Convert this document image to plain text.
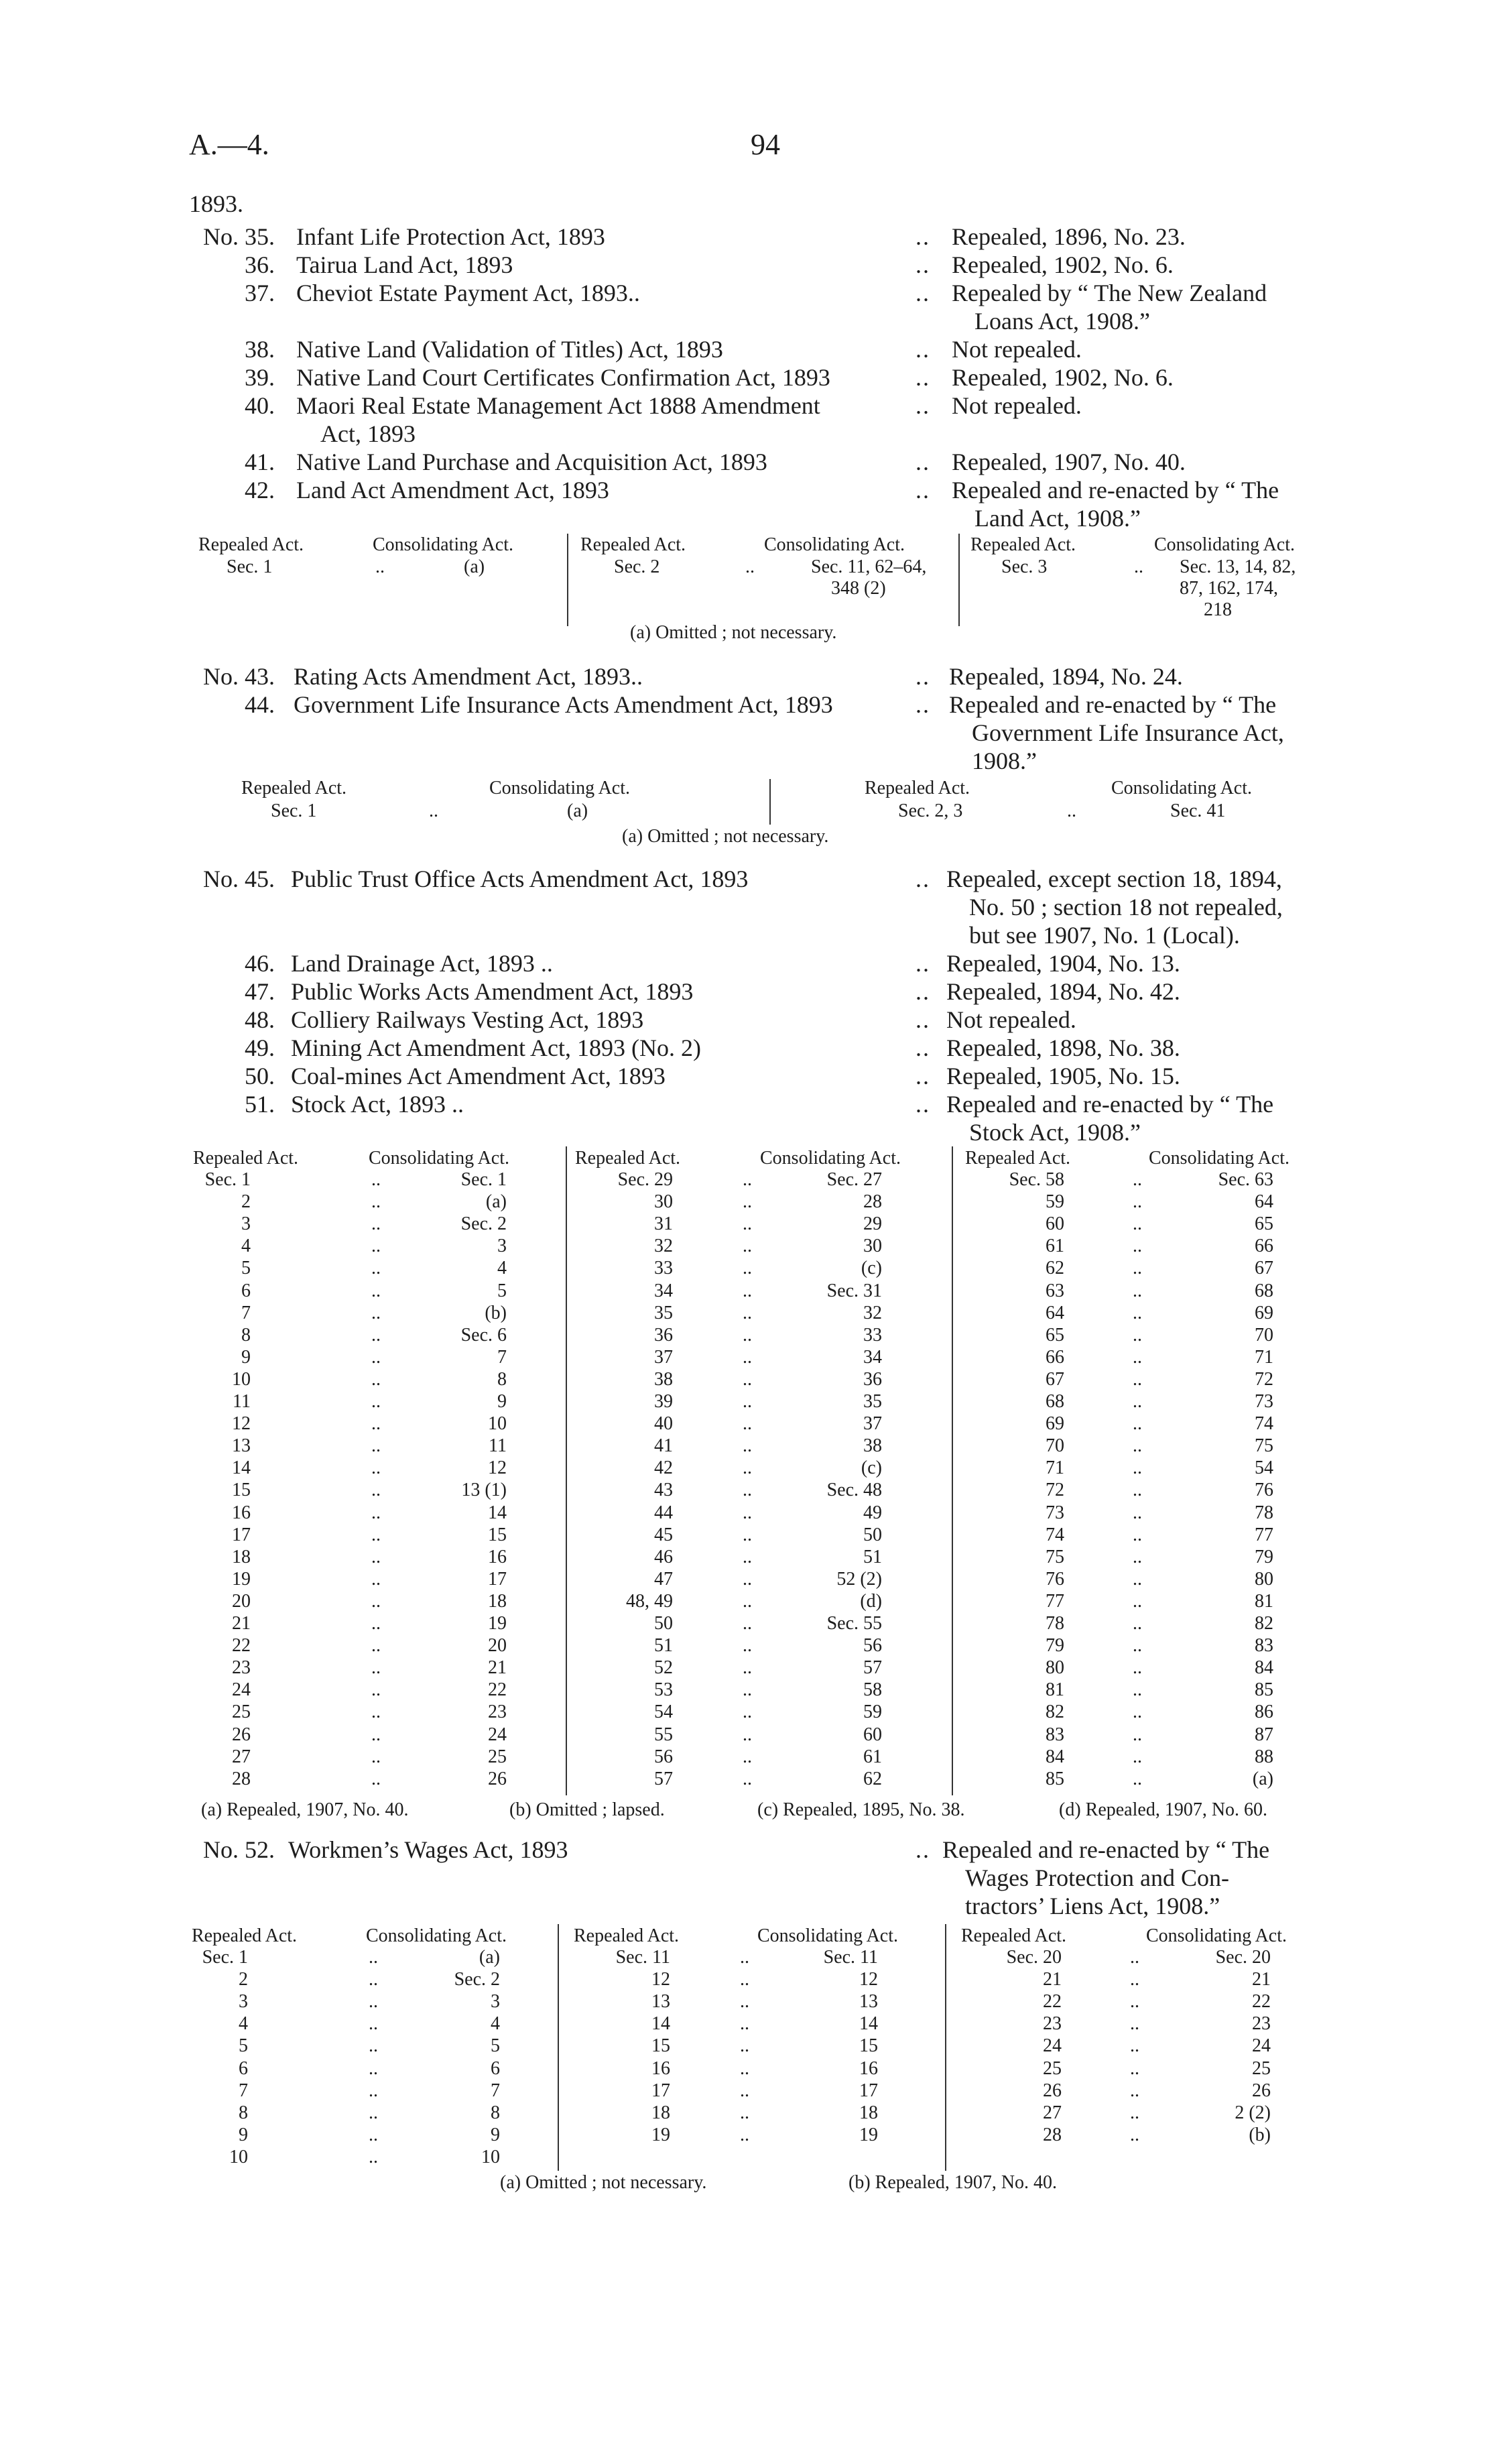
A.—4.	94
1893.
No. 35. Infant Life Protection Act, 1893	.. Repealed, 1896, No. 23.
36. Tairua Land Act, 1893	.. Repealed, 1902, No. 6.
37. Cheviot Estate Payment Act, 1893..	.. Repealed by “ The New Zealand
Loans Act, 1908.”
38. Native Land (Validation of Titles) Act, 1893	.. Not repealed.
39. Native Land Court Certificates Confirmation Act, 1893	.. Repealed, 1902, No. 6.
40. Maori Real Estate Management Act 1888 Amendment
Act, 1893
.. Not repealed.
41. Native Land Purchase and Acquisition Act, 1893	.. Repealed, 1907, No. 40.
42. Land Act Amendment Act, 1893	.. Repealed and re-enacted by “ The
Land Act, 1908.”
Repealed Act.	Consolidating Act.
Sec. 1	..	(a)
Repealed Act.	Consolidating Act.
Sec. 2	..	Sec. 11, 62–64,
348 (2)
Repealed Act.	Consolidating Act.
Sec. 3	.. Sec. 13, 14, 82,
87, 162, 174,
218
(a) Omitted ; not necessary.
No. 43. Rating Acts Amendment Act, 1893..	.. Repealed, 1894, No. 24.
44. Government Life Insurance Acts Amendment Act, 1893	.. Repealed and re-enacted by “ The
Government Life Insurance Act,
1908.”
Repealed Act.	Consolidating Act.
Sec. 1	..	(a)
Repealed Act.	Consolidating Act.
Sec. 2, 3	..	Sec. 41
(a) Omitted ; not necessary.
No. 45. Public Trust Office Acts Amendment Act, 1893	.. Repealed, except section 18, 1894,
No. 50 ; section 18 not repealed,
but see 1907, No. 1 (Local).
46. Land Drainage Act, 1893 ..	.. Repealed, 1904, No. 13.
47. Public Works Acts Amendment Act, 1893	.. Repealed, 1894, No. 42.
48. Colliery Railways Vesting Act, 1893	.. Not repealed.
49. Mining Act Amendment Act, 1893 (No. 2)	.. Repealed, 1898, No. 38.
50. Coal-mines Act Amendment Act, 1893	.. Repealed, 1905, No. 15.
51. Stock Act, 1893 ..	.. Repealed and re-enacted by “ The
Stock Act, 1908.”
Repealed Act.	Consolidating Act.	Repealed Act.	Consolidating Act.	Repealed Act.	Consolidating Act.
(a) Repealed, 1907, No. 40.	(b) Omitted ; lapsed.	(c) Repealed, 1895, No. 38.	(d) Repealed, 1907, No. 60.
Sec. 1	..	Sec. 1
2	..	(a)
3	..	Sec. 2
4	..	3
5	..	4
6	..	5
7	..	(b)
8	..	Sec. 6
9	..	7
10	..	8
11	..	9
12	..	10
13	..	11
14	..	12
15	..	13 (1)
16	..	14
17	..	15
18	..	16
19	..	17
20	..	18
21	..	19
22	..	20
23	..	21
24	..	22
25	..	23
26	..	24
27	..	25
28	..	26
Sec. 29	..	Sec. 27
30	..	28
31	..	29
32	..	30
33	..	(c)
34	..	Sec. 31
35	..	32
36	..	33
37	..	34
38	..	36
39	..	35
40	..	37
41	..	38
42	..	(c)
43	..	Sec. 48
44	..	49
45	..	50
46	..	51
47	..	52 (2)
48, 49	..	(d)
50	..	Sec. 55
51	..	56
52	..	57
53	..	58
54	..	59
55	..	60
56	..	61
57	..	62
Sec. 58	..	Sec. 63
59	..	64
60	..	65
61	..	66
62	..	67
63	..	68
64	..	69
65	..	70
66	..	71
67	..	72
68	..	73
69	..	74
70	..	75
71	..	54
72	..	76
73	..	78
74	..	77
75	..	79
76	..	80
77	..	81
78	..	82
79	..	83
80	..	84
81	..	85
82	..	86
83	..	87
84	..	88
85	..	(a)
No. 52. Workmen’s Wages Act, 1893	.. Repealed and re-enacted by “ The
Wages Protection and Con-
tractors’ Liens Act, 1908.”
Repealed Act.	Consolidating Act.	Repealed Act.	Consolidating Act.	Repealed Act.	Consolidating Act.
(a) Omitted ; not necessary.	(b) Repealed, 1907, No. 40.
Sec. 1	..	(a)
2	..	Sec. 2
3	..	3
4	..	4
5	..	5
6	..	6
7	..	7
8	..	8
9	..	9
10	..	10
Sec. 11	..	Sec. 11
12	..	12
13	..	13
14	..	14
15	..	15
16	..	16
17	..	17
18	..	18
19	..	19
Sec. 20	..	Sec. 20
21	..	21
22	..	22
23	..	23
24	..	24
25	..	25
26	..	26
27	..	2 (2)
28	..	(b)
